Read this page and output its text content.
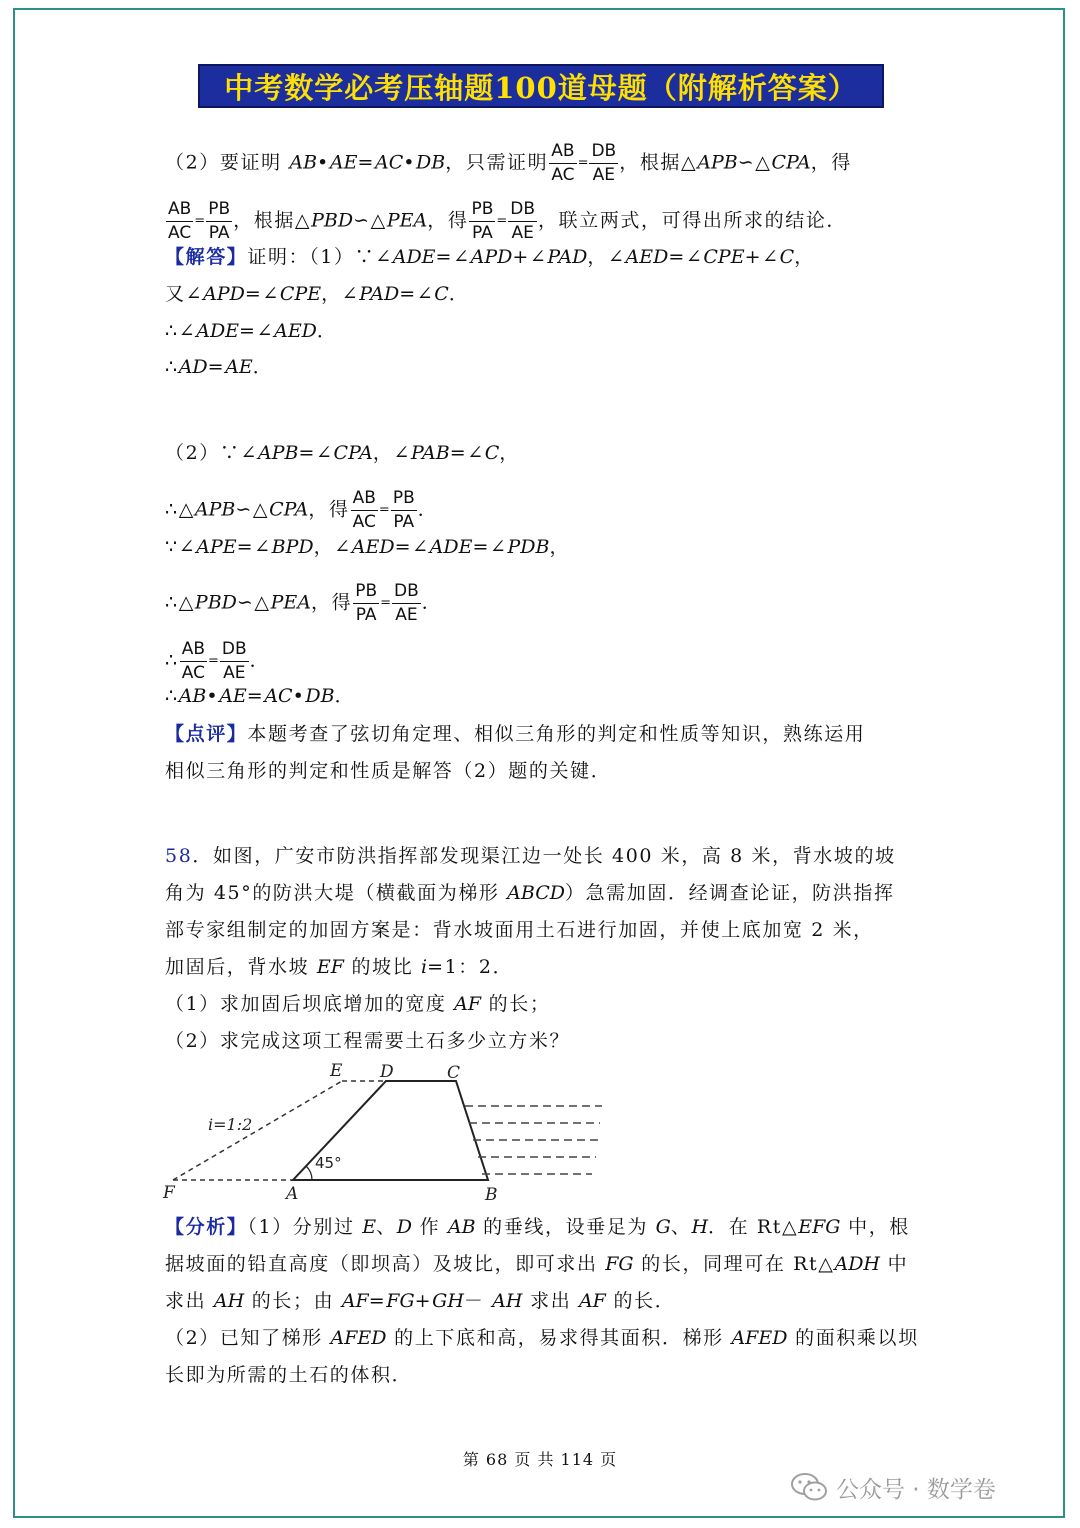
中考数学必考压轴题100道母题（附解析答案）
（2）要证明 AB•AE=AC•DB，只需证明 $\frac{AB}{AC} = \frac{DB}{AE}$ ，根据△APB∽△CPA，得
$\frac{AB}{AC} = \frac{PB}{PA}$ ，根据△PBD∽△PEA，得 $\frac{PB}{PA} = \frac{DB}{AE}$ ，联立两式，可得出所求的结论．
【解答】证明：（1）∵∠ADE=∠APD+∠PAD，∠AED=∠CPE+∠C，
又∠APD=∠CPE，∠PAD=∠C．
∴∠ADE=∠AED．
∴AD=AE．
（2）∵∠APB=∠CPA，∠PAB=∠C，
∴△APB∽△CPA，得 $\frac{AB}{AC} = \frac{PB}{PA}$ ．
∵∠APE=∠BPD，∠AED=∠ADE=∠PDB，
∴△PBD∽△PEA，得 $\frac{PB}{PA} = \frac{DB}{AE}$ ．
∴ $\frac{AB}{AC} = \frac{DB}{AE}$ ．
∴AB•AE=AC•DB．
【点评】本题考查了弦切角定理、相似三角形的判定和性质等知识，熟练运用
相似三角形的判定和性质是解答（2）题的关键．
58．如图，广安市防洪指挥部发现渠江边一处长 400 米，高 8 米，背水坡的坡
角为 45°的防洪大堤（横截面为梯形 ABCD）急需加固．经调查论证，防洪指挥
部专家组制定的加固方案是：背水坡面用土石进行加固，并使上底加宽 2 米，
加固后，背水坡 EF 的坡比 i=1：2．
（1）求加固后坝底增加的宽度 AF 的长；
（2）求完成这项工程需要土石多少立方米？
E D	C
F	A	B
i=1:2
45°
【分析】（1）分别过 E、D 作 AB 的垂线，设垂足为 G、H．在 Rt△EFG 中，根
据坡面的铅直高度（即坝高）及坡比，即可求出 FG 的长，同理可在 Rt△ADH 中
求出 AH 的长；由 AF=FG+GH－ AH 求出 AF 的长．
（2）已知了梯形 AFED 的上下底和高，易求得其面积．梯形 AFED 的面积乘以坝
长即为所需的土石的体积．
第 68 页 共 114 页
公众号 · 数学卷
